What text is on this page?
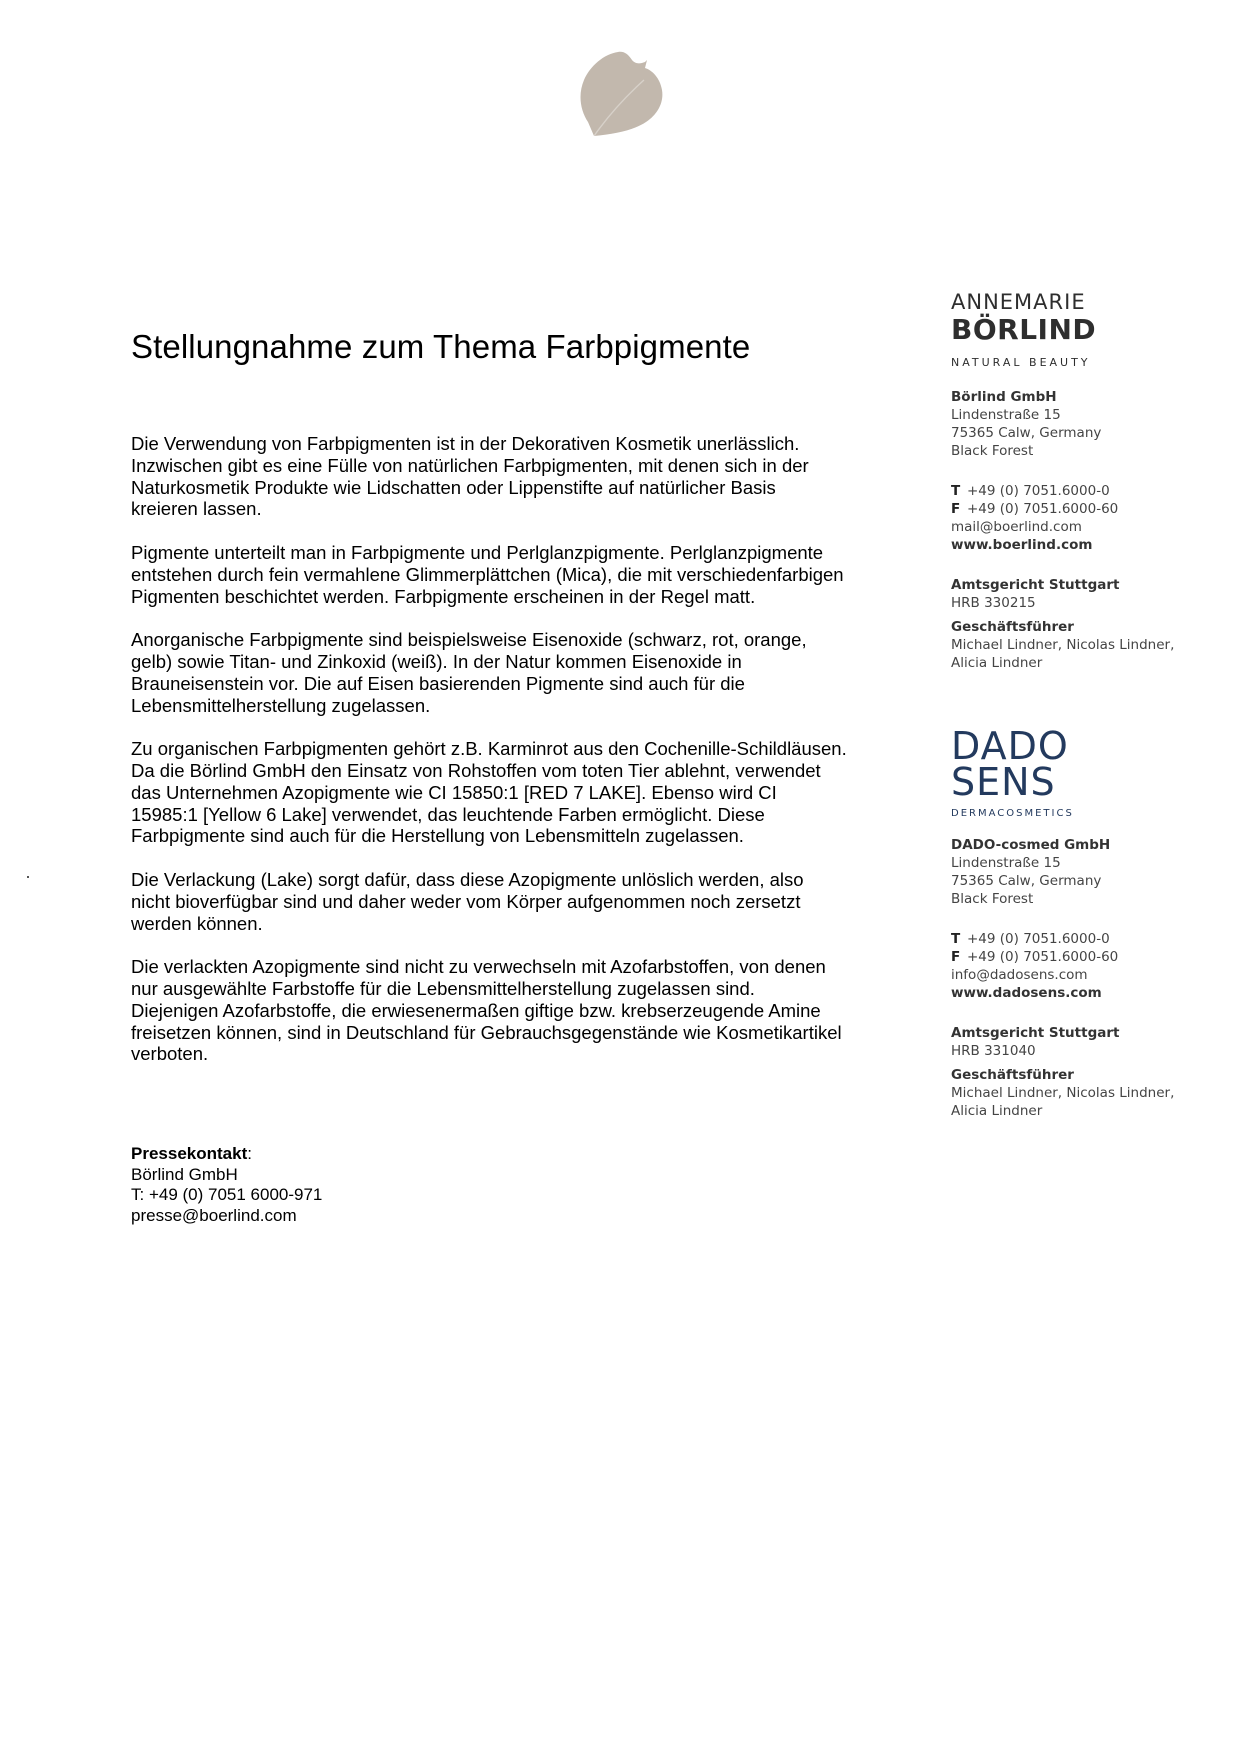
Stellungnahme zum Thema Farbpigmente

Die Verwendung von Farbpigmenten ist in der Dekorativen Kosmetik unerlässlich.
Inzwischen gibt es eine Fülle von natürlichen Farbpigmenten, mit denen sich in der
Naturkosmetik Produkte wie Lidschatten oder Lippenstifte auf natürlicher Basis
kreieren lassen.

Pigmente unterteilt man in Farbpigmente und Perlglanzpigmente. Perlglanzpigmente
entstehen durch fein vermahlene Glimmerplättchen (Mica), die mit verschiedenfarbigen
Pigmenten beschichtet werden. Farbpigmente erscheinen in der Regel matt.

Anorganische Farbpigmente sind beispielsweise Eisenoxide (schwarz, rot, orange,
gelb) sowie Titan- und Zinkoxid (weiß). In der Natur kommen Eisenoxide in
Brauneisenstein vor. Die auf Eisen basierenden Pigmente sind auch für die
Lebensmittelherstellung zugelassen.

Zu organischen Farbpigmenten gehört z.B. Karminrot aus den Cochenille-Schildläusen.
Da die Börlind GmbH den Einsatz von Rohstoffen vom toten Tier ablehnt, verwendet
das Unternehmen Azopigmente wie CI 15850:1 [RED 7 LAKE]. Ebenso wird CI
15985:1 [Yellow 6 Lake] verwendet, das leuchtende Farben ermöglicht. Diese
Farbpigmente sind auch für die Herstellung von Lebensmitteln zugelassen.

Die Verlackung (Lake) sorgt dafür, dass diese Azopigmente unlöslich werden, also
nicht bioverfügbar sind und daher weder vom Körper aufgenommen noch zersetzt
werden können.

Die verlackten Azopigmente sind nicht zu verwechseln mit Azofarbstoffen, von denen
nur ausgewählte Farbstoffe für die Lebensmittelherstellung zugelassen sind.
Diejenigen Azofarbstoffe, die erwiesenermaßen giftige bzw. krebserzeugende Amine
freisetzen können, sind in Deutschland für Gebrauchsgegenstände wie Kosmetikartikel
verboten.

Pressekontakt:
Börlind GmbH
T: +49 (0) 7051 6000-971
presse@boerlind.com
ANNEMARIE
BÖRLIND
NATURAL BEAUTY
Börlind GmbH
Lindenstraße 15
75365 Calw, Germany
Black Forest
T +49 (0) 7051.6000-0
F +49 (0) 7051.6000-60
mail@boerlind.com
www.boerlind.com
Amtsgericht Stuttgart
HRB 330215
Geschäftsführer
Michael Lindner, Nicolas Lindner,
Alicia Lindner
DADO
SENS
DERMACOSMETICS
DADO-cosmed GmbH
Lindenstraße 15
75365 Calw, Germany
Black Forest
T +49 (0) 7051.6000-0
F +49 (0) 7051.6000-60
info@dadosens.com
www.dadosens.com
Amtsgericht Stuttgart
HRB 331040
Geschäftsführer
Michael Lindner, Nicolas Lindner,
Alicia Lindner
